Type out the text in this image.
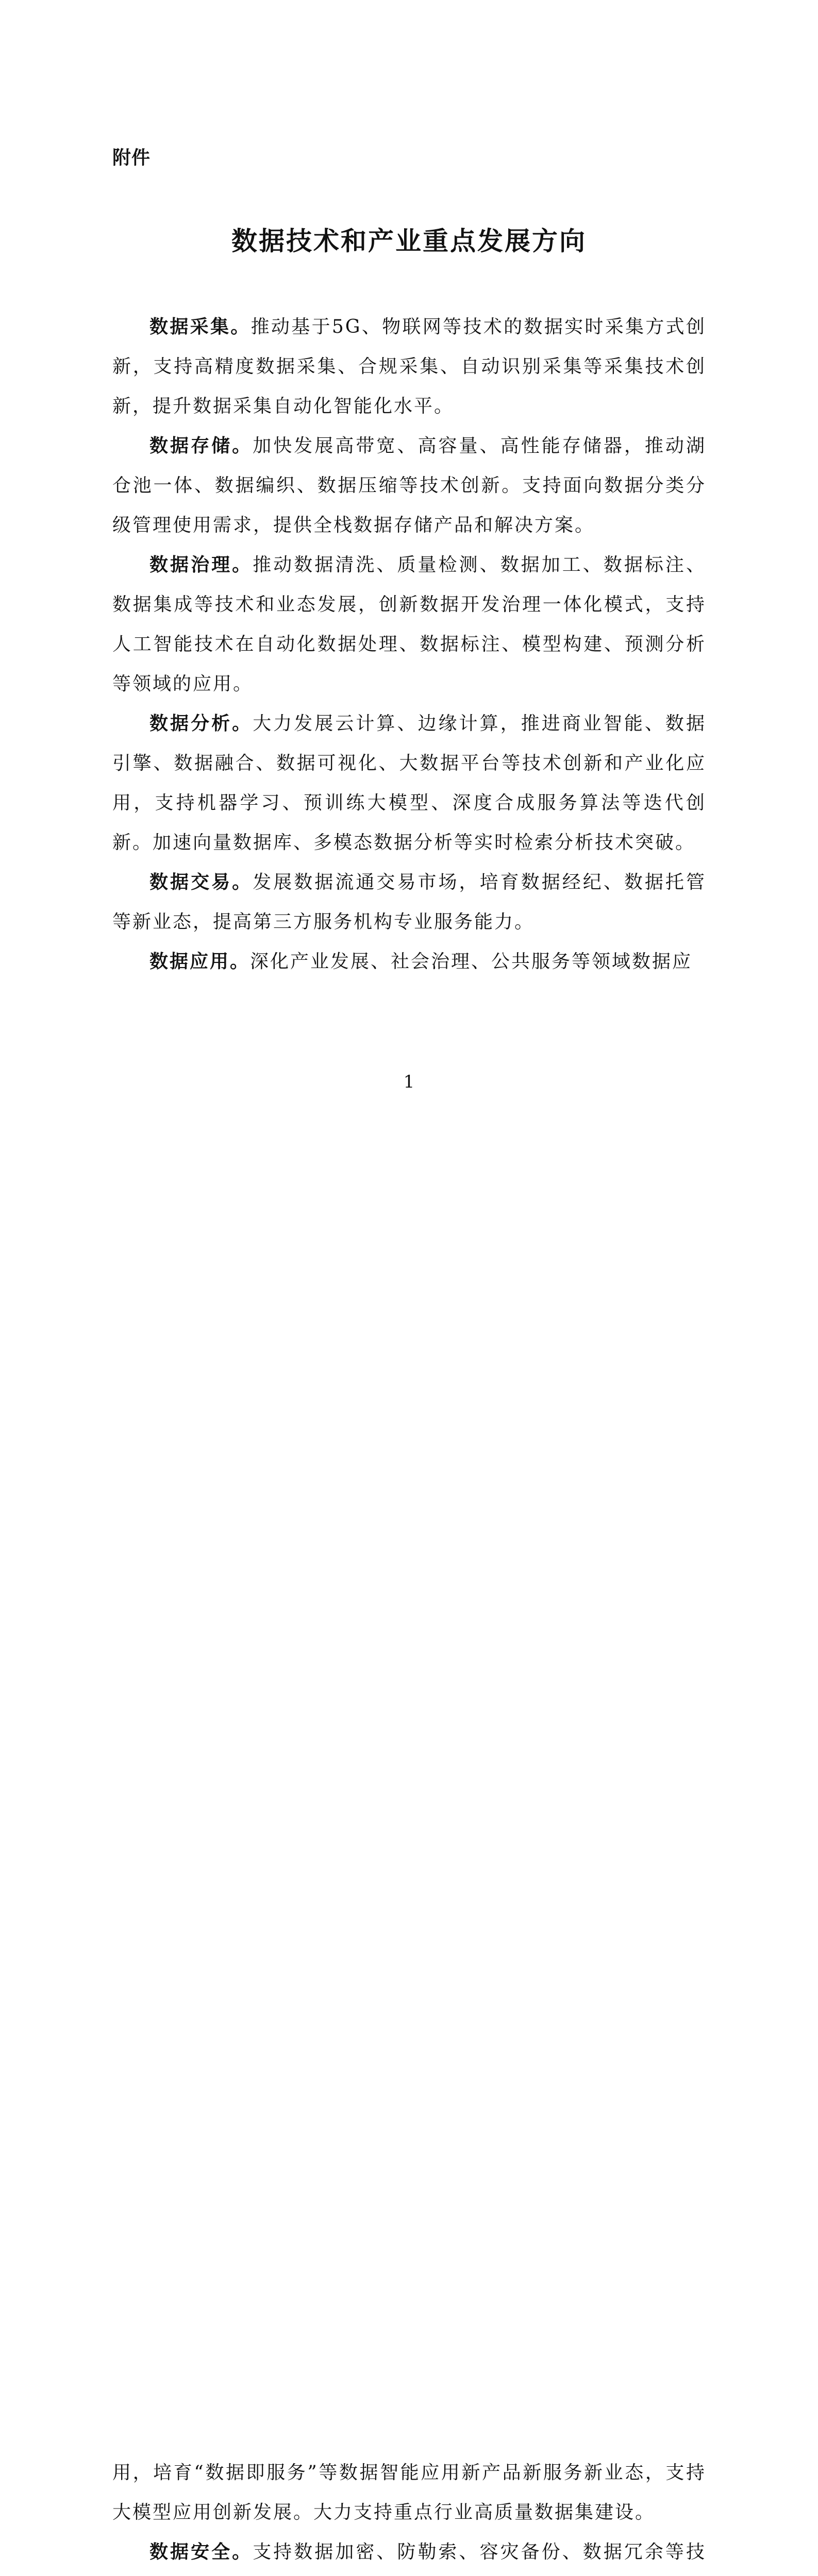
附件
数据技术和产业重点发展方向

数据采集。推动基于5G、物联网等技术的数据实时采集方式创新，支持高精度数据采集、合规采集、自动识别采集等采集技术创新，提升数据采集自动化智能化水平。

数据存储。加快发展高带宽、高容量、高性能存储器，推动湖仓池一体、数据编织、数据压缩等技术创新。支持面向数据分类分级管理使用需求，提供全栈数据存储产品和解决方案。

数据治理。推动数据清洗、质量检测、数据加工、数据标注、数据集成等技术和业态发展，创新数据开发治理一体化模式，支持人工智能技术在自动化数据处理、数据标注、模型构建、预测分析等领域的应用。

数据分析。大力发展云计算、边缘计算，推进商业智能、数据引擎、数据融合、数据可视化、大数据平台等技术创新和产业化应用，支持机器学习、预训练大模型、深度合成服务算法等迭代创新。加速向量数据库、多模态数据分析等实时检索分析技术突破。

数据交易。发展数据流通交易市场，培育数据经纪、数据托管等新业态，提高第三方服务机构专业服务能力。

数据应用。深化产业发展、社会治理、公共服务等领域数据应

1

用，培育“数据即服务”等数据智能应用新产品新服务新业态，支持大模型应用创新发展。大力支持重点行业高质量数据集建设。

数据安全。支持数据加密、防勒索、容灾备份、数据冗余等技
